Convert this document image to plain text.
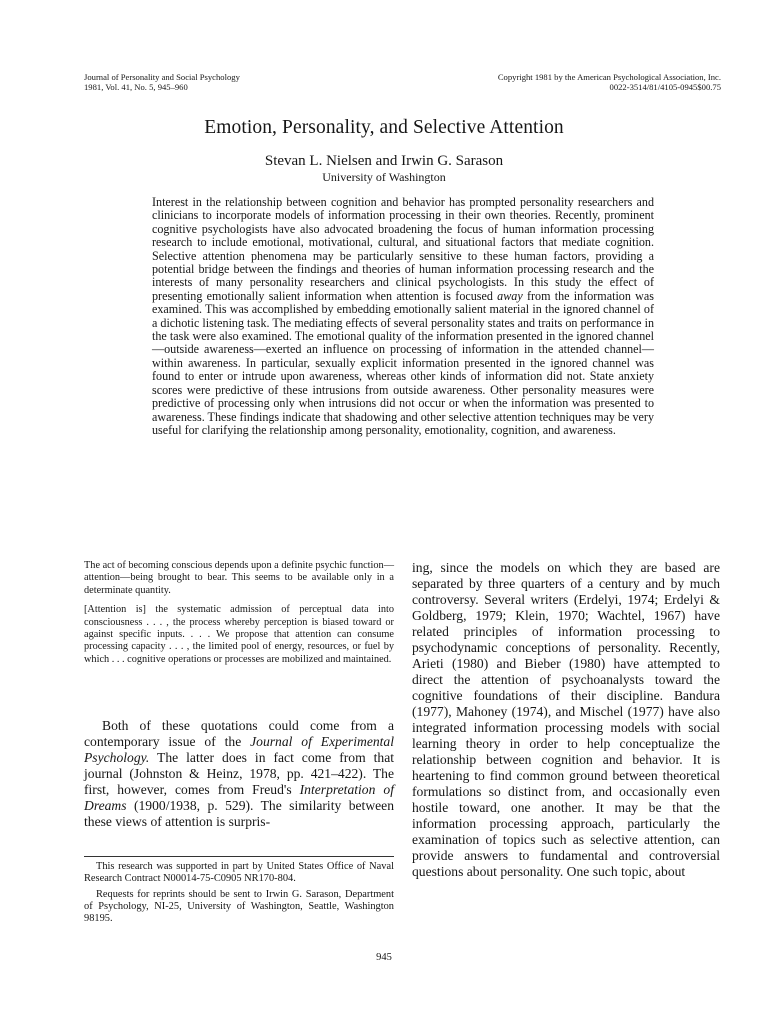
Journal of Personality and Social Psychology
1981, Vol. 41, No. 5, 945–960
Copyright 1981 by the American Psychological Association, Inc.
0022-3514/81/4105-0945$00.75
Emotion, Personality, and Selective Attention
Stevan L. Nielsen and Irwin G. Sarason
University of Washington

Interest in the relationship between cognition and behavior has prompted personality researchers and clinicians to incorporate models of information processing in their own theories. Recently, prominent cognitive psychologists have also advocated broadening the focus of human information processing research to include emotional, motivational, cultural, and situational factors that mediate cognition. Selective attention phenomena may be particularly sensitive to these human factors, providing a potential bridge between the findings and theories of human information processing research and the interests of many personality researchers and clinical psychologists. In this study the effect of presenting emotionally salient information when attention is focused away from the information was examined. This was accomplished by embedding emotionally salient material in the ignored channel of a dichotic listening task. The mediating effects of several personality states and traits on performance in the task were also examined. The emotional quality of the information presented in the ignored channel—outside awareness—exerted an influence on processing of information in the attended channel—within awareness. In particular, sexually explicit information presented in the ignored channel was found to enter or intrude upon awareness, whereas other kinds of information did not. State anxiety scores were predictive of these intrusions from outside awareness. Other personality measures were predictive of processing only when intrusions did not occur or when the information was presented to awareness. These findings indicate that shadowing and other selective attention techniques may be very useful for clarifying the relationship among personality, emotionality, cognition, and awareness.

The act of becoming conscious depends upon a definite psychic function—attention—being brought to bear. This seems to be available only in a determinate quantity.

[Attention is] the systematic admission of perceptual data into consciousness . . . , the process whereby perception is biased toward or against specific inputs. . . . We propose that attention can consume processing capacity . . . , the limited pool of energy, resources, or fuel by which . . . cognitive operations or processes are mobilized and maintained.

Both of these quotations could come from a contemporary issue of the Journal of Experimental Psychology. The latter does in fact come from that journal (Johnston & Heinz, 1978, pp. 421–422). The first, however, comes from Freud's Interpretation of Dreams (1900/1938, p. 529). The similarity between these views of attention is surpris-

This research was supported in part by United States Office of Naval Research Contract N00014-75-C0905 NR170-804.

Requests for reprints should be sent to Irwin G. Sarason, Department of Psychology, NI-25, University of Washington, Seattle, Washington 98195.

ing, since the models on which they are based are separated by three quarters of a century and by much controversy. Several writers (Erdelyi, 1974; Erdelyi & Goldberg, 1979; Klein, 1970; Wachtel, 1967) have related principles of information processing to psychodynamic conceptions of personality. Recently, Arieti (1980) and Bieber (1980) have attempted to direct the attention of psychoanalysts toward the cognitive foundations of their discipline. Bandura (1977), Mahoney (1974), and Mischel (1977) have also integrated information processing models with social learning theory in order to help conceptualize the relationship between cognition and behavior. It is heartening to find common ground between theoretical formulations so distinct from, and occasionally even hostile toward, one another. It may be that the information processing approach, particularly the examination of topics such as selective attention, can provide answers to fundamental and controversial questions about personality. One such topic, about

945
